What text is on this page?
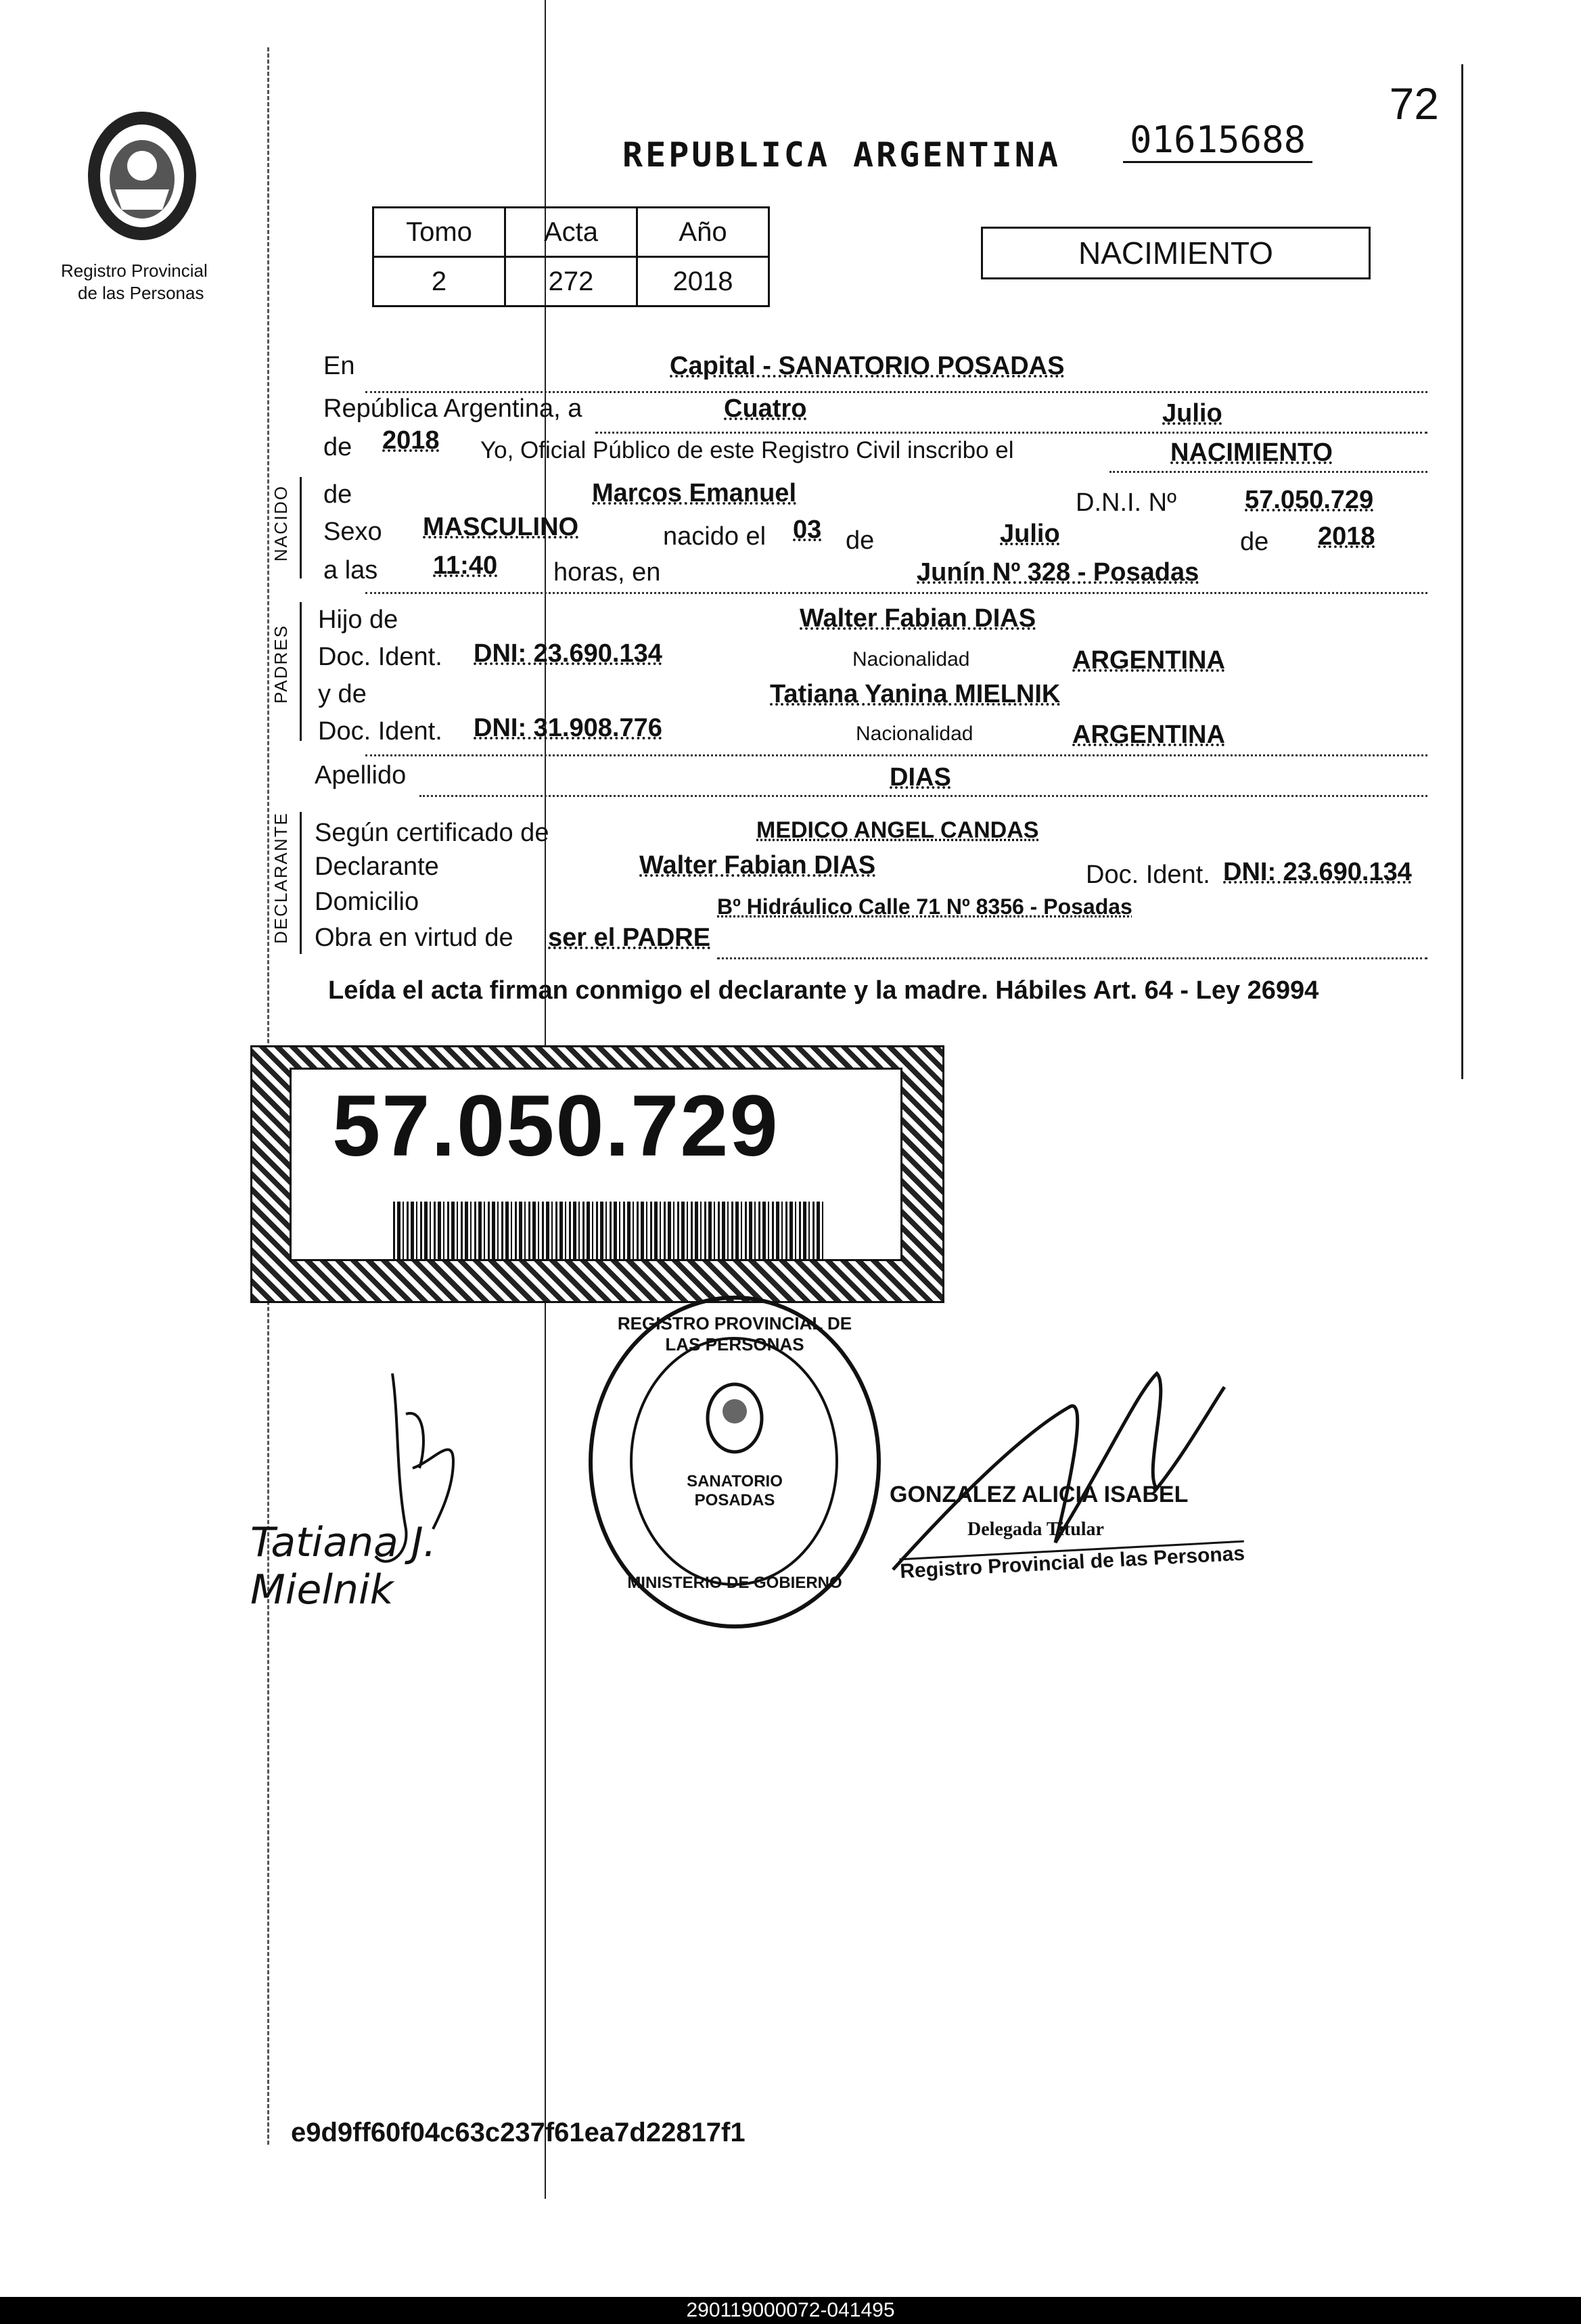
72
Registro Provincial
de las Personas
REPUBLICA ARGENTINA 01615688
Tomo	Acta	Año
2	272	2018
NACIMIENTO
En	Capital - SANATORIO POSADAS
República Argentina, a	Cuatro	Julio
de 2018 Yo, Oficial Público de este Registro Civil inscribo el	NACIMIENTO
NACIDO de	Marcos Emanuel	D.N.I. Nº	57.050.729
Sexo MASCULINO	nacido el 03 de	Julio	de 2018
a las 11:40 horas, en	Junín Nº 328 - Posadas
PADRES
Hijo de	Walter Fabian DIAS
Doc. Ident. DNI: 23.690.134	Nacionalidad	ARGENTINA
y de	Tatiana Yanina MIELNIK
Doc. Ident. DNI: 31.908.776	Nacionalidad	ARGENTINA
Apellido	DIAS
DECLARANTE Según certificado de	MEDICO ANGEL CANDAS
Declarante	Walter Fabian DIAS	Doc. Ident. DNI: 23.690.134
Domicilio	Bº Hidráulico Calle 71 Nº 8356 - Posadas
Obra en virtud de ser el PADRE
Leída el acta firman conmigo el declarante y la madre. Hábiles Art. 64 - Ley 26994
57.050.729
REGISTRO PROVINCIAL DE LAS PERSONAS
SANATORIO POSADAS
MINISTERIO DE GOBIERNO
Tatiana J. Mielnik
GONZALEZ ALICIA ISABEL
Delegada Titular
Registro Provincial de las Personas
e9d9ff60f04c63c237f61ea7d22817f1
290119000072-041495
